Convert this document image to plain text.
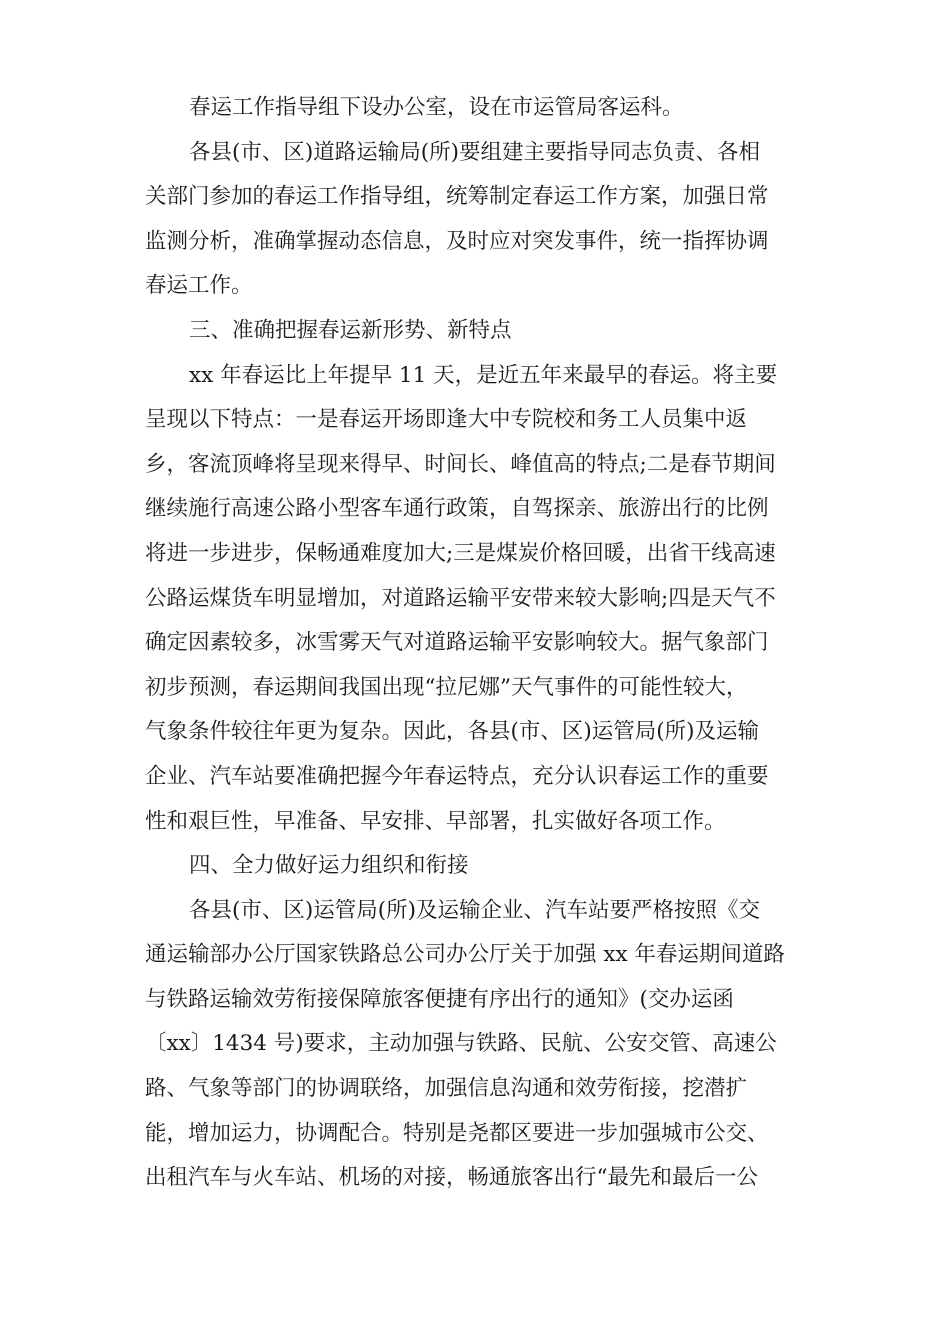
春运工作指导组下设办公室，设在市运管局客运科。
各县(市、区)道路运输局(所)要组建主要指导同志负责、各相
关部门参加的春运工作指导组，统筹制定春运工作方案，加强日常
监测分析，准确掌握动态信息，及时应对突发事件，统一指挥协调
春运工作。
三、准确把握春运新形势、新特点
xx 年春运比上年提早 11 天，是近五年来最早的春运。将主要
呈现以下特点：一是春运开场即逢大中专院校和务工人员集中返
乡，客流顶峰将呈现来得早、时间长、峰值高的特点;二是春节期间
继续施行高速公路小型客车通行政策，自驾探亲、旅游出行的比例
将进一步进步，保畅通难度加大;三是煤炭价格回暖，出省干线高速
公路运煤货车明显增加，对道路运输平安带来较大影响;四是天气不
确定因素较多，冰雪雾天气对道路运输平安影响较大。据气象部门
初步预测，春运期间我国出现“拉尼娜”天气事件的可能性较大，
气象条件较往年更为复杂。因此，各县(市、区)运管局(所)及运输
企业、汽车站要准确把握今年春运特点，充分认识春运工作的重要
性和艰巨性，早准备、早安排、早部署，扎实做好各项工作。
四、全力做好运力组织和衔接
各县(市、区)运管局(所)及运输企业、汽车站要严格按照《交
通运输部办公厅国家铁路总公司办公厅关于加强 xx 年春运期间道路
与铁路运输效劳衔接保障旅客便捷有序出行的通知》(交办运函
〔xx〕1434 号)要求，主动加强与铁路、民航、公安交管、高速公
路、气象等部门的协调联络，加强信息沟通和效劳衔接，挖潜扩
能，增加运力，协调配合。特别是尧都区要进一步加强城市公交、
出租汽车与火车站、机场的对接，畅通旅客出行“最先和最后一公
